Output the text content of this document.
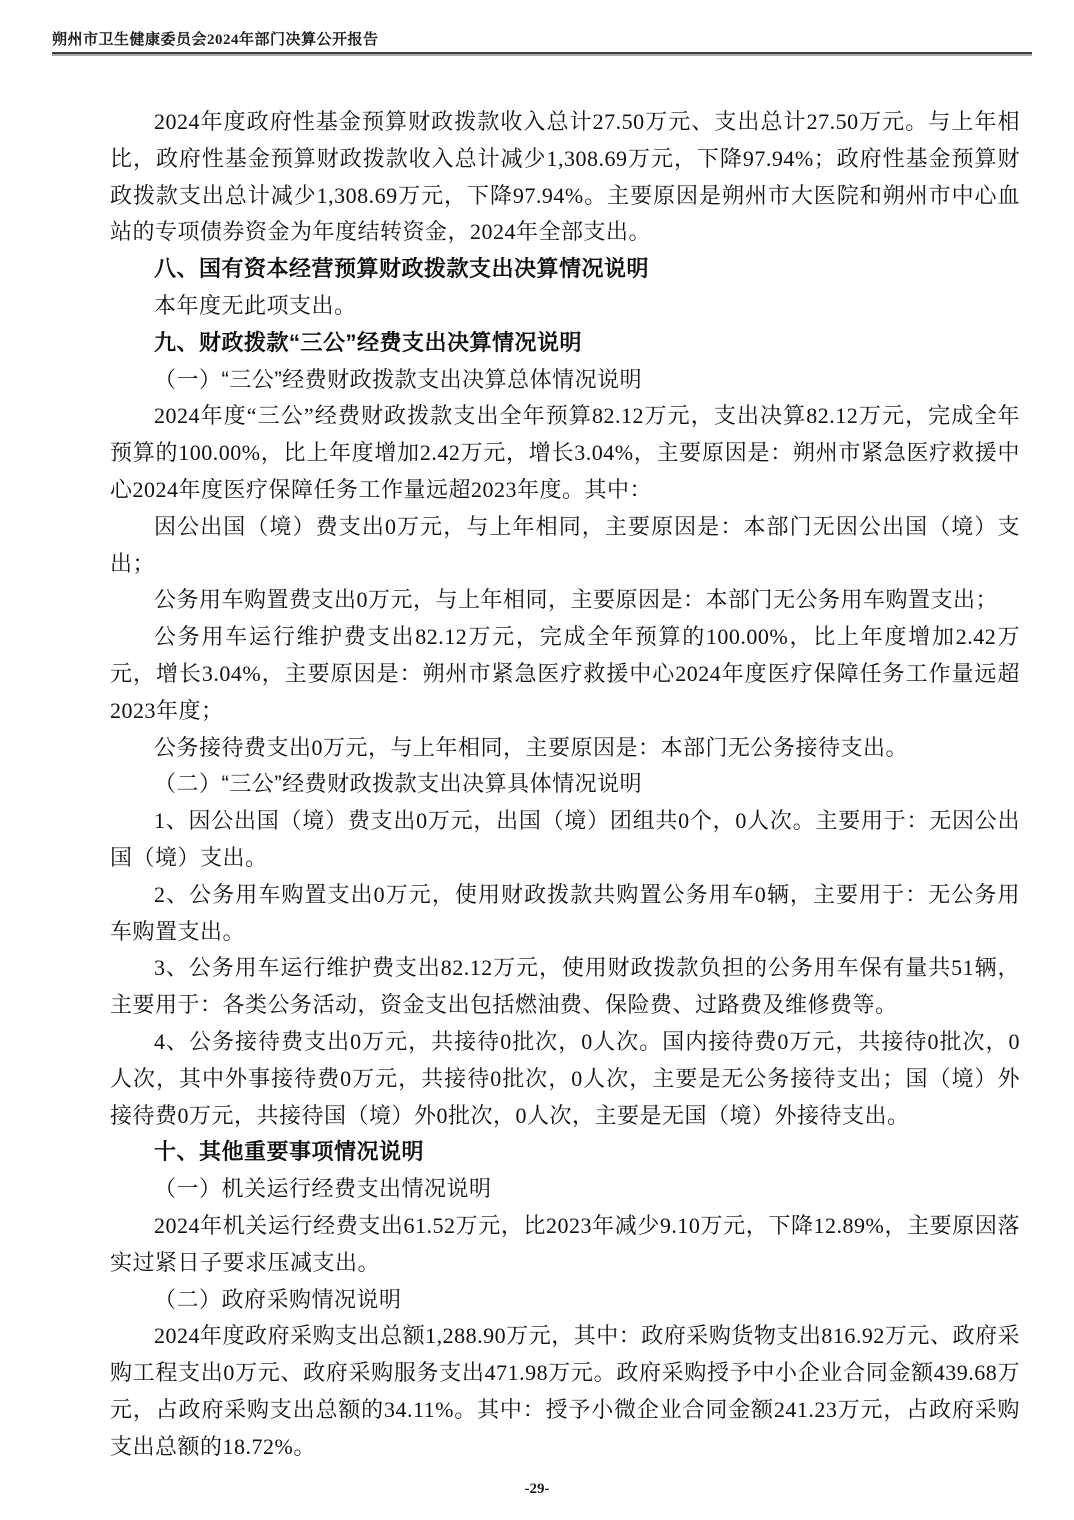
朔州市卫生健康委员会2024年部门决算公开报告
2024年度政府性基金预算财政拨款收入总计27.50万元、支出总计27.50万元。与上年相比，政府性基金预算财政拨款收入总计减少1,308.69万元，下降97.94%；政府性基金预算财政拨款支出总计减少1,308.69万元，下降97.94%。主要原因是朔州市大医院和朔州市中心血站的专项债券资金为年度结转资金，2024年全部支出。
八、国有资本经营预算财政拨款支出决算情况说明
本年度无此项支出。
九、财政拨款“三公”经费支出决算情况说明
（一）“三公”经费财政拨款支出决算总体情况说明
2024年度“三公”经费财政拨款支出全年预算82.12万元，支出决算82.12万元，完成全年预算的100.00%，比上年度增加2.42万元，增长3.04%，主要原因是：朔州市紧急医疗救援中心2024年度医疗保障任务工作量远超2023年度。其中：
因公出国（境）费支出0万元，与上年相同，主要原因是：本部门无因公出国（境）支出；
公务用车购置费支出0万元，与上年相同，主要原因是：本部门无公务用车购置支出；
公务用车运行维护费支出82.12万元，完成全年预算的100.00%，比上年度增加2.42万元，增长3.04%，主要原因是：朔州市紧急医疗救援中心2024年度医疗保障任务工作量远超2023年度；
公务接待费支出0万元，与上年相同，主要原因是：本部门无公务接待支出。
（二）“三公”经费财政拨款支出决算具体情况说明
1、因公出国（境）费支出0万元，出国（境）团组共0个，0人次。主要用于：无因公出国（境）支出。
2、公务用车购置支出0万元，使用财政拨款共购置公务用车0辆，主要用于：无公务用车购置支出。
3、公务用车运行维护费支出82.12万元，使用财政拨款负担的公务用车保有量共51辆，主要用于：各类公务活动，资金支出包括燃油费、保险费、过路费及维修费等。
4、公务接待费支出0万元，共接待0批次，0人次。国内接待费0万元，共接待0批次，0人次，其中外事接待费0万元，共接待0批次，0人次，主要是无公务接待支出；国（境）外接待费0万元，共接待国（境）外0批次，0人次，主要是无国（境）外接待支出。
十、其他重要事项情况说明
（一）机关运行经费支出情况说明
2024年机关运行经费支出61.52万元，比2023年减少9.10万元，下降12.89%，主要原因落实过紧日子要求压减支出。
（二）政府采购情况说明
2024年度政府采购支出总额1,288.90万元，其中：政府采购货物支出816.92万元、政府采购工程支出0万元、政府采购服务支出471.98万元。政府采购授予中小企业合同金额439.68万元，占政府采购支出总额的34.11%。其中：授予小微企业合同金额241.23万元，占政府采购支出总额的18.72%。
-29-
